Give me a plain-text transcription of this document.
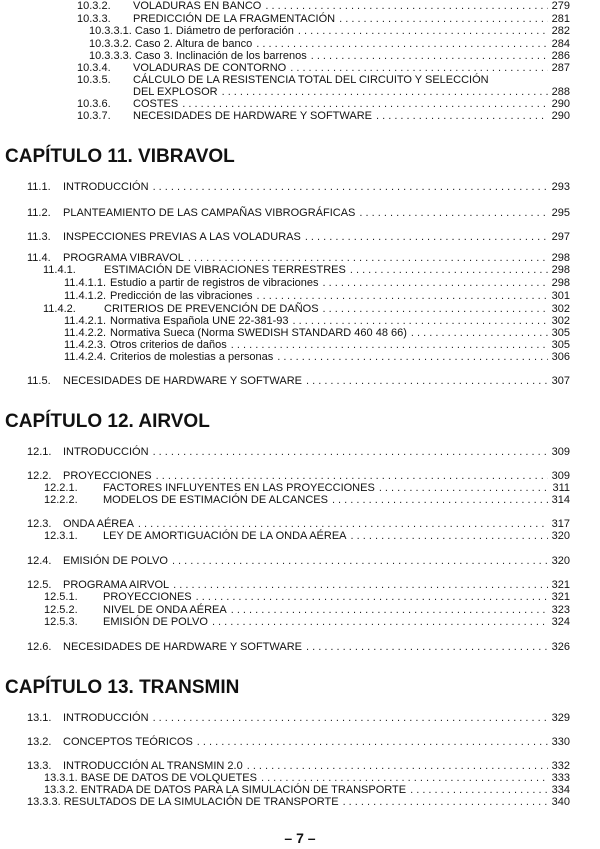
10.3.2. VOLADURAS EN BANCO . . .	279
10.3.3. PREDICCIÓN DE LA FRAGMENTACIÓN . . .	281
10.3.3.1. Caso 1. Diámetro de perforación . . .	282
10.3.3.2. Caso 2. Altura de banco . . .	284
10.3.3.3. Caso 3. Inclinación de los barrenos . . .	286
10.3.4. VOLADURAS DE CONTORNO . . .	287
10.3.5. CÁLCULO DE LA RESISTENCIA TOTAL DEL CIRCUITO Y SELECCIÓN
DEL EXPLOSOR . . .	288
10.3.6. COSTES . . .	290
10.3.7. NECESIDADES DE HARDWARE Y SOFTWARE . . .	290
CAPÍTULO 11. VIBRAVOL
11.1. INTRODUCCIÓN . . .	293
11.2. PLANTEAMIENTO DE LAS CAMPAÑAS VIBROGRÁFICAS . . .	295
11.3. INSPECCIONES PREVIAS A LAS VOLADURAS . . .	297
11.4. PROGRAMA VIBRAVOL . . .	298
11.4.1.	ESTIMACIÓN DE VIBRACIONES TERRESTRES . . .	298
11.4.1.1. Estudio a partir de registros de vibraciones . . .	298
11.4.1.2. Predicción de las vibraciones . . .	301
11.4.2.	CRITERIOS DE PREVENCIÓN DE DAÑOS . . .	302
11.4.2.1. Normativa Española UNE 22-381-93 . . .	302
11.4.2.2. Normativa Sueca (Norma SWEDISH STANDARD 460 48 66) . . .	305
11.4.2.3. Otros criterios de daños . . .	305
11.4.2.4. Criterios de molestias a personas . . .	306
11.5. NECESIDADES DE HARDWARE Y SOFTWARE . . .	307
CAPÍTULO 12. AIRVOL
12.1. INTRODUCCIÓN . . .	309
12.2. PROYECCIONES . . .	309
12.2.1. FACTORES INFLUYENTES EN LAS PROYECCIONES . . .	311
12.2.2. MODELOS DE ESTIMACIÓN DE ALCANCES . . .	314
12.3. ONDA AÉREA . . .	317
12.3.1. LEY DE AMORTIGUACIÓN DE LA ONDA AÉREA . . .	320
12.4. EMISIÓN DE POLVO . . .	320
12.5. PROGRAMA AIRVOL . . .	321
12.5.1. PROYECCIONES . . .	321
12.5.2. NIVEL DE ONDA AÉREA . . .	323
12.5.3. EMISIÓN DE POLVO . . .	324
12.6. NECESIDADES DE HARDWARE Y SOFTWARE . . .	326
CAPÍTULO 13. TRANSMIN
13.1. INTRODUCCIÓN . . .	329
13.2. CONCEPTOS TEÓRICOS . . .	330
13.3. INTRODUCCIÓN AL TRANSMIN 2.0 . . .	332
13.3.1. BASE DE DATOS DE VOLQUETES . . .	333
13.3.2. ENTRADA DE DATOS PARA LA SIMULACIÓN DE TRANSPORTE . . .	334
13.3.3. RESULTADOS DE LA SIMULACIÓN DE TRANSPORTE . . .	340
– 7 –
